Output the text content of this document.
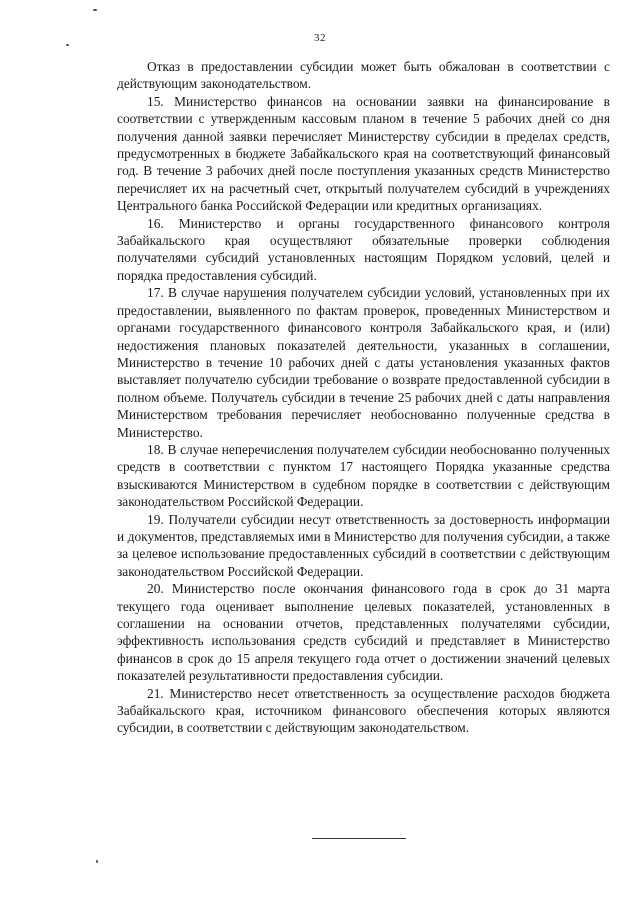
32

Отказ в предоставлении субсидии может быть обжалован в соответствии с действующим законодательством.

15. Министерство финансов на основании заявки на финансирование в соответствии с утвержденным кассовым планом в течение 5 рабочих дней со дня получения данной заявки перечисляет Министерству субсидии в пределах средств, предусмотренных в бюджете Забайкальского края на соответствующий финансовый год. В течение 3 рабочих дней после поступления указанных средств Министерство перечисляет их на расчетный счет, открытый получателем субсидий в учреждениях Центрального банка Российской Федерации или кредитных организациях.

16. Министерство и органы государственного финансового контроля Забайкальского края осуществляют обязательные проверки соблюдения получателями субсидий установленных настоящим Порядком условий, целей и порядка предоставления субсидий.

17. В случае нарушения получателем субсидии условий, установленных при их предоставлении, выявленного по фактам проверок, проведенных Министерством и органами государственного финансового контроля Забайкальского края, и (или) недостижения плановых показателей деятельности, указанных в соглашении, Министерство в течение 10 рабочих дней с даты установления указанных фактов выставляет получателю субсидии требование о возврате предоставленной субсидии в полном объеме. Получатель субсидии в течение 25 рабочих дней с даты направления Министерством требования перечисляет необоснованно полученные средства в Министерство.

18. В случае неперечисления получателем субсидии необоснованно полученных средств в соответствии с пунктом 17 настоящего Порядка указанные средства взыскиваются Министерством в судебном порядке в соответствии с действующим законодательством Российской Федерации.

19. Получатели субсидии несут ответственность за достоверность информации и документов, представляемых ими в Министерство для получения субсидии, а также за целевое использование предоставленных субсидий в соответствии с действующим законодательством Российской Федерации.

20. Министерство после окончания финансового года в срок до 31 марта текущего года оценивает выполнение целевых показателей, установленных в соглашении на основании отчетов, представленных получателями субсидии, эффективность использования средств субсидий и представляет в Министерство финансов в срок до 15 апреля текущего года отчет о достижении значений целевых показателей результативности предоставления субсидии.

21. Министерство несет ответственность за осуществление расходов бюджета Забайкальского края, источником финансового обеспечения которых являются субсидии, в соответствии с действующим законодательством.
